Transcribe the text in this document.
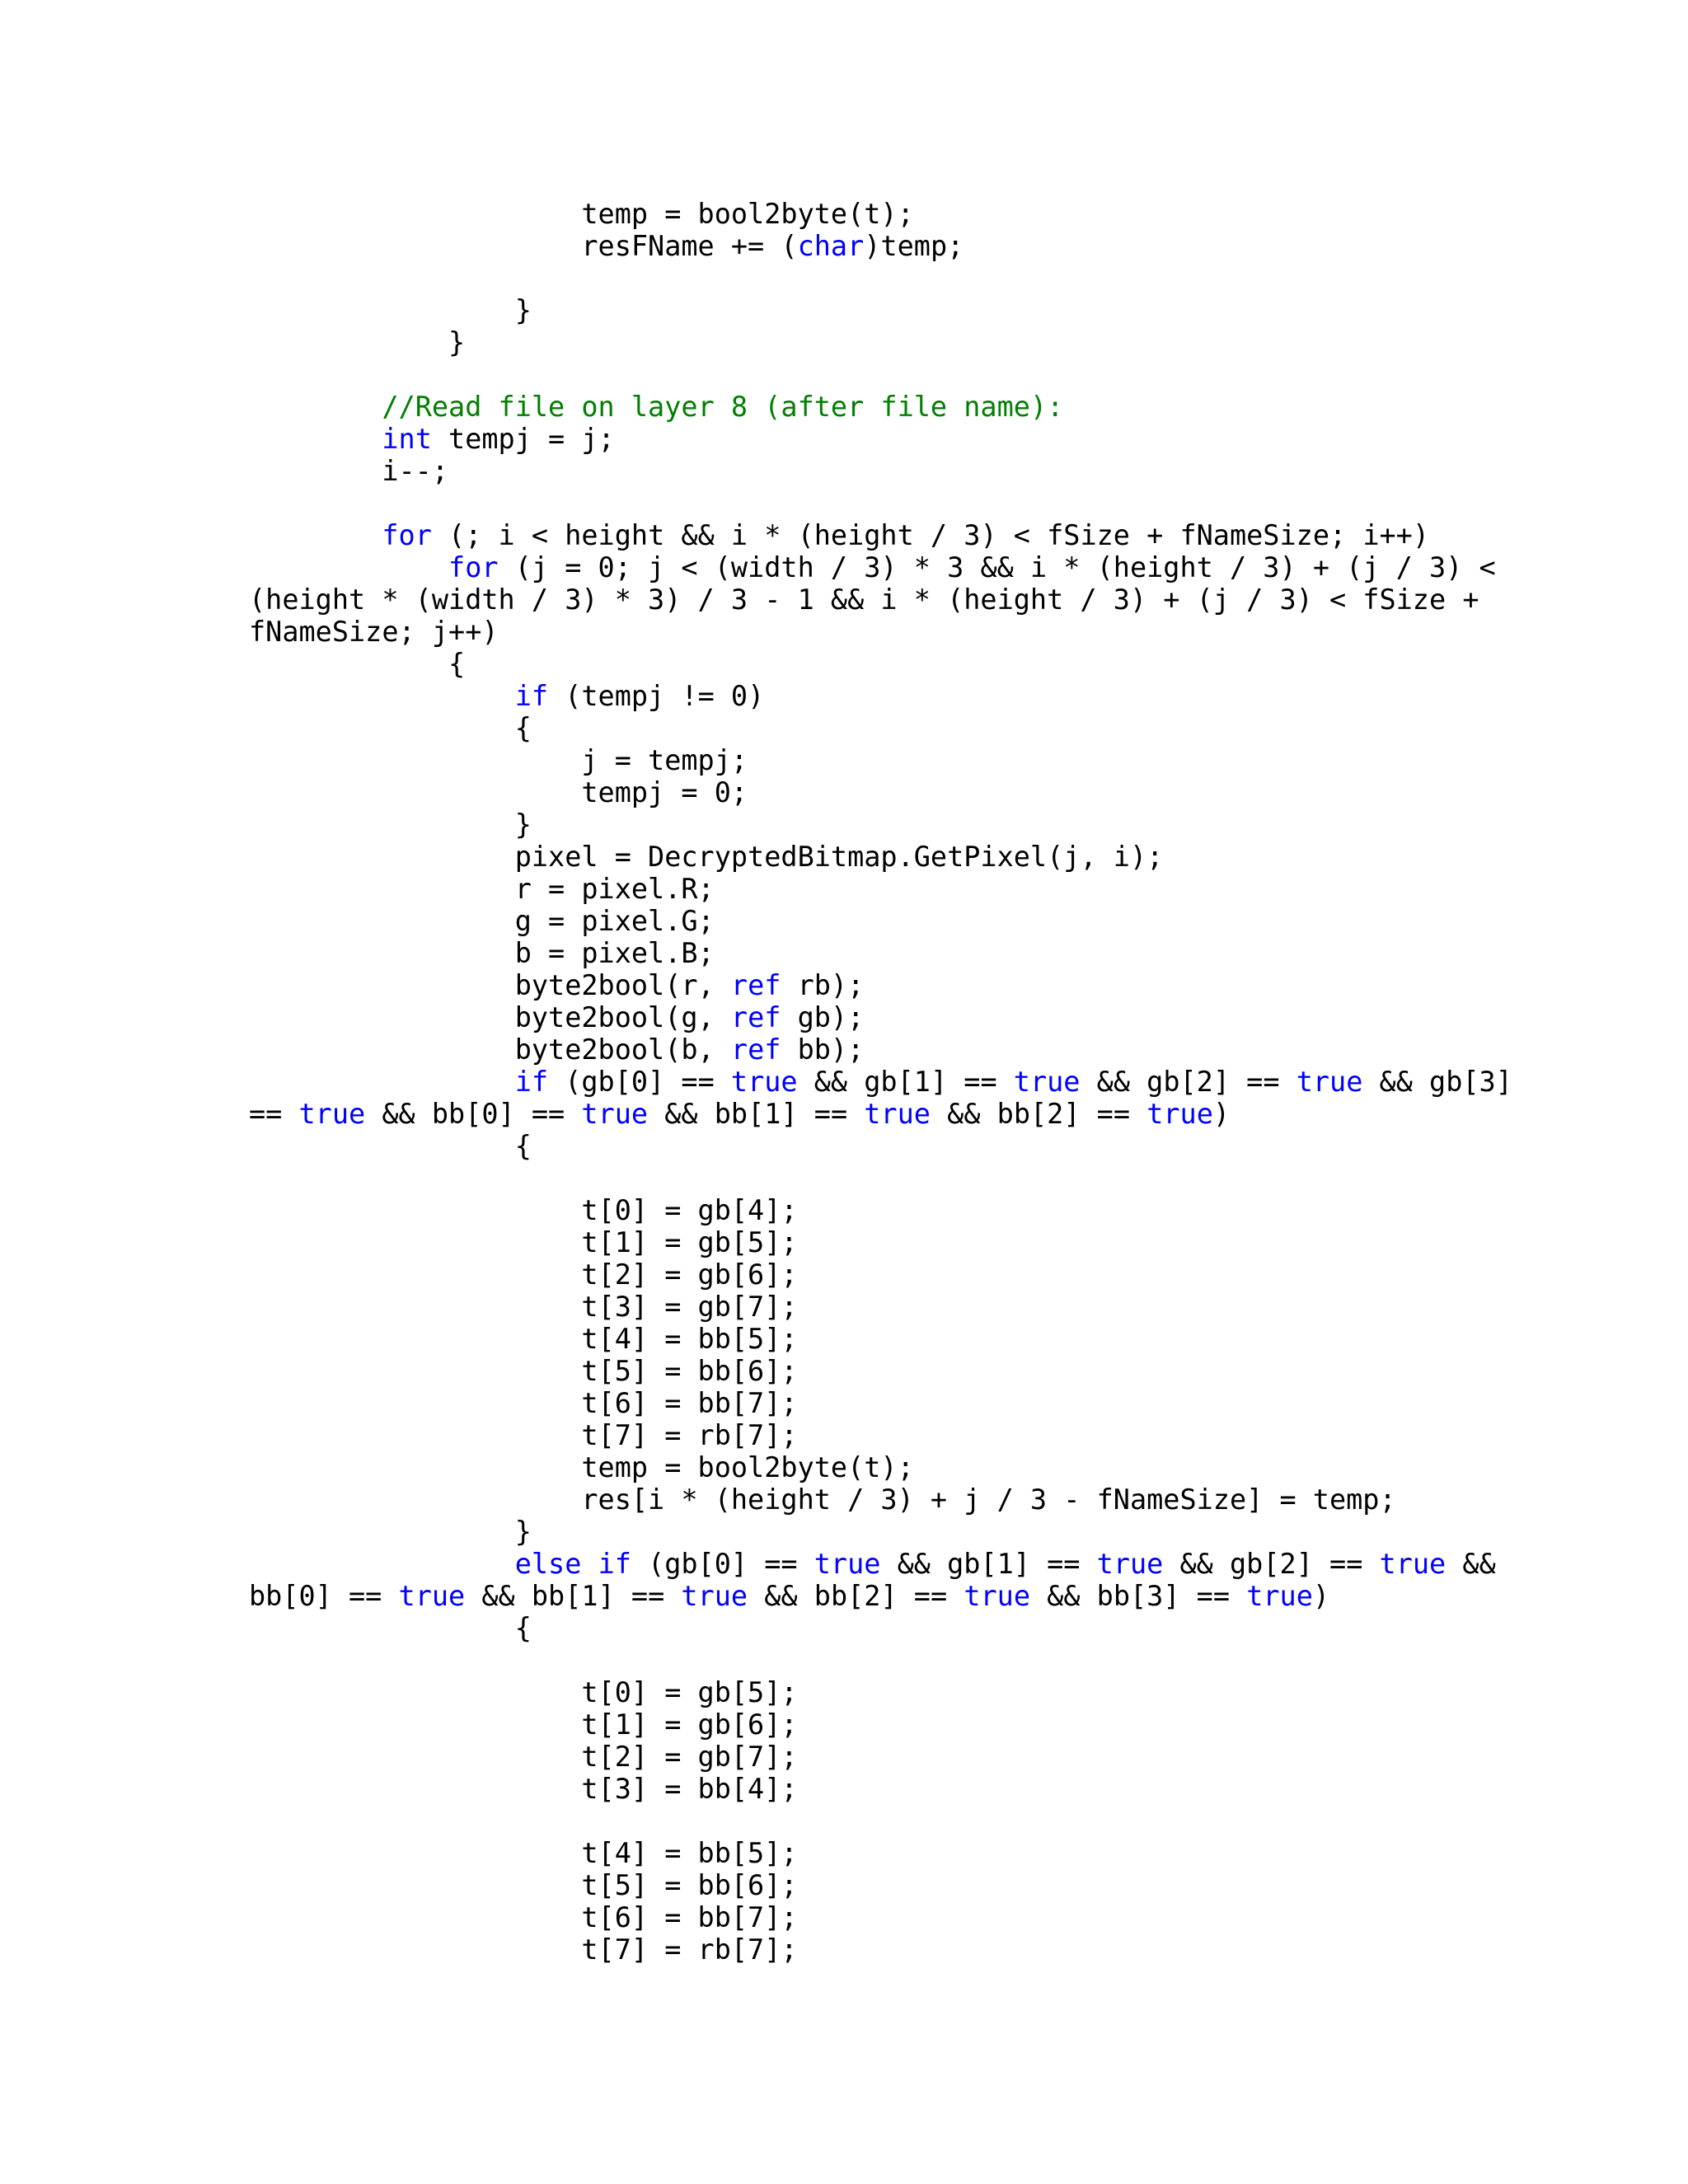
temp = bool2byte(t);
resFName += (char)temp;
}
}
//Read file on layer 8 (after file name):
int tempj = j;
i--;
for (; i < height && i * (height / 3) < fSize + fNameSize; i++)
for (j = 0; j < (width / 3) * 3 && i * (height / 3) + (j / 3) <
(height * (width / 3) * 3) / 3 - 1 && i * (height / 3) + (j / 3) < fSize +
fNameSize; j++)
{
if (tempj != 0)
{
j = tempj;
tempj = 0;
}
pixel = DecryptedBitmap.GetPixel(j, i);
r = pixel.R;
g = pixel.G;
b = pixel.B;
byte2bool(r, ref rb);
byte2bool(g, ref gb);
byte2bool(b, ref bb);
if (gb[0] == true && gb[1] == true && gb[2] == true && gb[3]
== true && bb[0] == true && bb[1] == true && bb[2] == true)
{
t[0] = gb[4];
t[1] = gb[5];
t[2] = gb[6];
t[3] = gb[7];
t[4] = bb[5];
t[5] = bb[6];
t[6] = bb[7];
t[7] = rb[7];
temp = bool2byte(t);
res[i * (height / 3) + j / 3 - fNameSize] = temp;
}
else if (gb[0] == true && gb[1] == true && gb[2] == true &&
bb[0] == true && bb[1] == true && bb[2] == true && bb[3] == true)
{
t[0] = gb[5];
t[1] = gb[6];
t[2] = gb[7];
t[3] = bb[4];
t[4] = bb[5];
t[5] = bb[6];
t[6] = bb[7];
t[7] = rb[7];
